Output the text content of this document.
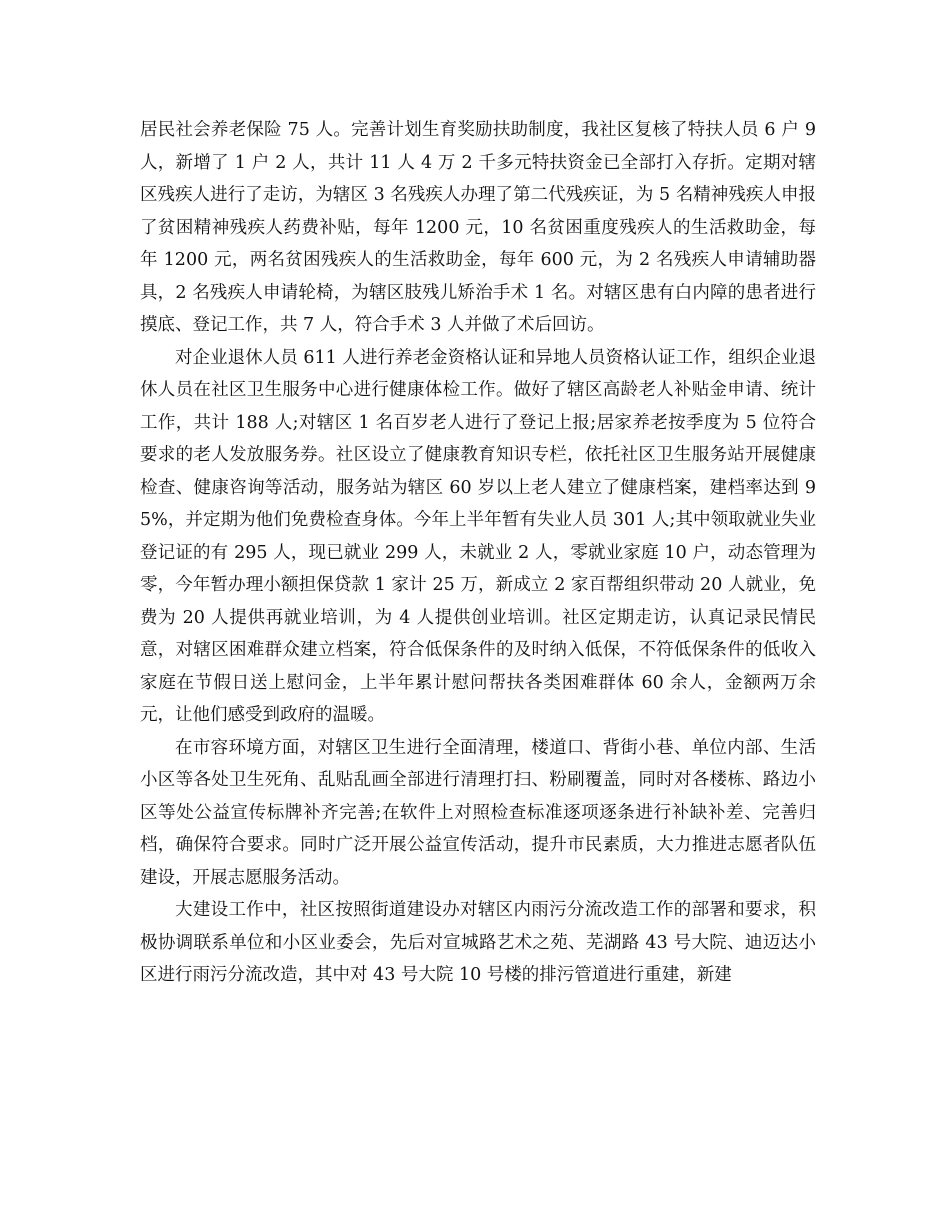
居民社会养老保险 75 人。完善计划生育奖励扶助制度，我社区复核了特扶人员 6 户 9 人，新增了 1 户 2 人，共计 11 人 4 万 2 千多元特扶资金已全部打入存折。定期对辖区残疾人进行了走访，为辖区 3 名残疾人办理了第二代残疾证，为 5 名精神残疾人申报了贫困精神残疾人药费补贴，每年 1200 元，10 名贫困重度残疾人的生活救助金，每年 1200 元，两名贫困残疾人的生活救助金，每年 600 元，为 2 名残疾人申请辅助器具，2 名残疾人申请轮椅，为辖区肢残儿矫治手术 1 名。对辖区患有白内障的患者进行摸底、登记工作，共 7 人，符合手术 3 人并做了术后回访。

对企业退休人员 611 人进行养老金资格认证和异地人员资格认证工作，组织企业退休人员在社区卫生服务中心进行健康体检工作。做好了辖区高龄老人补贴金申请、统计工作，共计 188 人;对辖区 1 名百岁老人进行了登记上报;居家养老按季度为 5 位符合要求的老人发放服务券。社区设立了健康教育知识专栏，依托社区卫生服务站开展健康检查、健康咨询等活动，服务站为辖区 60 岁以上老人建立了健康档案，建档率达到 95%，并定期为他们免费检查身体。今年上半年暂有失业人员 301 人;其中领取就业失业登记证的有 295 人，现已就业 299 人，未就业 2 人，零就业家庭 10 户，动态管理为零，今年暂办理小额担保贷款 1 家计 25 万，新成立 2 家百帮组织带动 20 人就业，免费为 20 人提供再就业培训，为 4 人提供创业培训。社区定期走访，认真记录民情民意，对辖区困难群众建立档案，符合低保条件的及时纳入低保，不符低保条件的低收入家庭在节假日送上慰问金，上半年累计慰问帮扶各类困难群体 60 余人，金额两万余元，让他们感受到政府的温暖。

在市容环境方面，对辖区卫生进行全面清理，楼道口、背街小巷、单位内部、生活小区等各处卫生死角、乱贴乱画全部进行清理打扫、粉刷覆盖，同时对各楼栋、路边小区等处公益宣传标牌补齐完善;在软件上对照检查标准逐项逐条进行补缺补差、完善归档，确保符合要求。同时广泛开展公益宣传活动，提升市民素质，大力推进志愿者队伍建设，开展志愿服务活动。

大建设工作中，社区按照街道建设办对辖区内雨污分流改造工作的部署和要求，积极协调联系单位和小区业委会，先后对宣城路艺术之苑、芜湖路 43 号大院、迪迈达小区进行雨污分流改造，其中对 43 号大院 10 号楼的排污管道进行重建，新建
